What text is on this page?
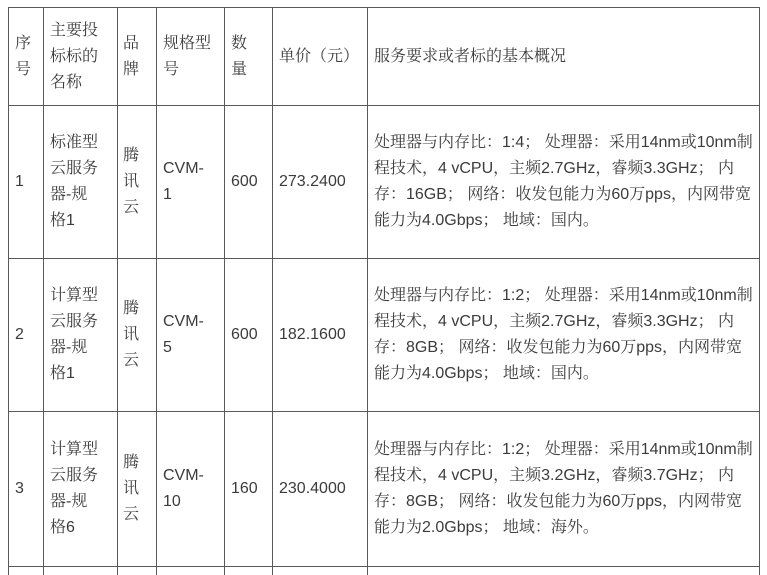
序号	主要投标标的名称	品牌	规格型号	数量	单价（元）	服务要求或者标的基本概况
1	标准型云服务器-规格1	腾讯云	CVM-1	600	273.2400	处理器与内存比：1:4； 处理器：采用14nm或10nm制程技术，4 vCPU，主频2.7GHz，睿频3.3GHz； 内存：16GB； 网络：收发包能力为60万pps，内网带宽能力为4.0Gbps； 地域：国内。
2	计算型云服务器-规格1	腾讯云	CVM-5	600	182.1600	处理器与内存比：1:2； 处理器：采用14nm或10nm制程技术，4 vCPU，主频2.7GHz，睿频3.3GHz； 内存：8GB； 网络：收发包能力为60万pps，内网带宽能力为4.0Gbps； 地域：国内。
3	计算型云服务器-规格6	腾讯云	CVM-10	160	230.4000	处理器与内存比：1:2； 处理器：采用14nm或10nm制程技术，4 vCPU，主频3.2GHz，睿频3.7GHz； 内存：8GB； 网络：收发包能力为60万pps，内网带宽能力为2.0Gbps； 地域：海外。
